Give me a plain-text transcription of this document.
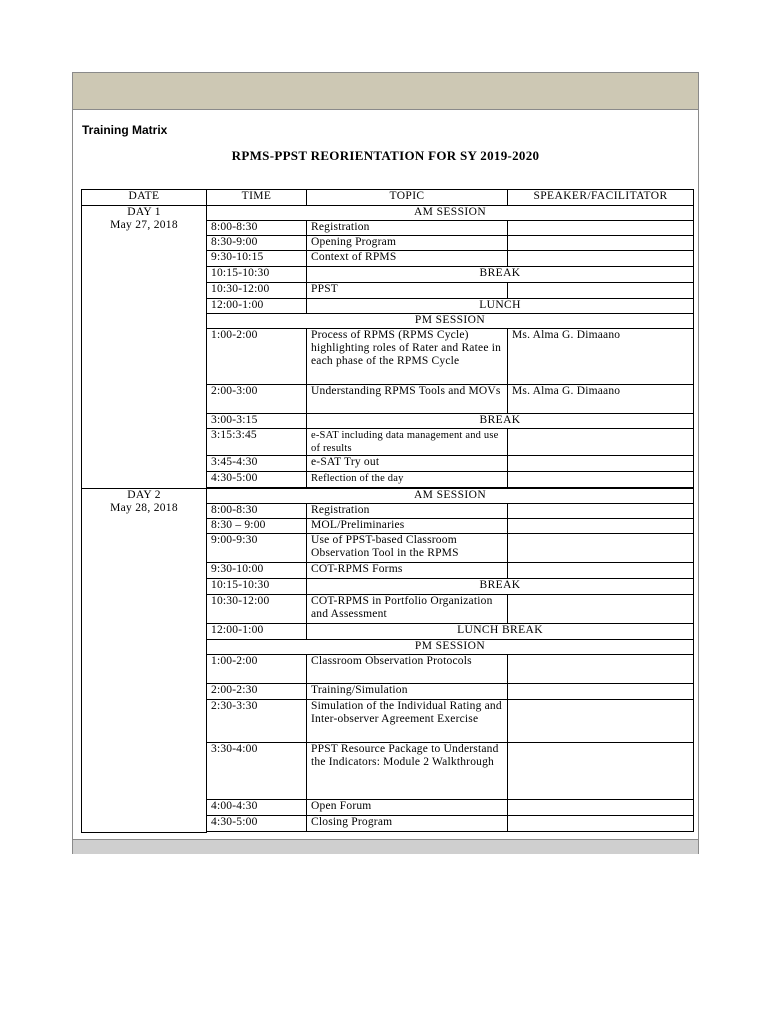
Training Matrix
RPMS-PPST REORIENTATION FOR SY 2019-2020
DATE	TIME	TOPIC	SPEAKER/FACILITATOR

DAY 1
May 27, 2018	AM SESSION		
	8:00-8:30	Registration	
	8:30-9:00	Opening Program	
	9:30-10:15	Context of RPMS	
	10:15-10:30	BREAK	
	10:30-12:00	PPST	
	12:00-1:00	LUNCH	
	PM SESSION		
	1:00-2:00	Process of RPMS (RPMS Cycle) highlighting roles of Rater and Ratee in each phase of the RPMS Cycle	Ms. Alma G. Dimaano
	2:00-3:00	Understanding RPMS Tools and MOVs	Ms. Alma G. Dimaano
	3:00-3:15	BREAK	
	3:15:3:45	e-SAT including data management and use of results	
	3:45-4:30	e-SAT Try out	
	4:30-5:00	Reflection of the day	

DAY 2
May 28, 2018	AM SESSION		
	8:00-8:30	Registration	
	8:30 – 9:00	MOL/Preliminaries	
	9:00-9:30	Use of PPST-based Classroom Observation Tool in the RPMS	
	9:30-10:00	COT-RPMS Forms	
	10:15-10:30	BREAK	
	10:30-12:00	COT-RPMS in Portfolio Organization and Assessment	
	12:00-1:00	LUNCH BREAK	
	PM SESSION		
	1:00-2:00	Classroom Observation Protocols	
	2:00-2:30	Training/Simulation	
	2:30-3:30	Simulation of the Individual Rating and Inter-observer Agreement Exercise	
	3:30-4:00	PPST Resource Package to Understand the Indicators: Module 2 Walkthrough	
	4:00-4:30	Open Forum	
	4:30-5:00	Closing Program	
